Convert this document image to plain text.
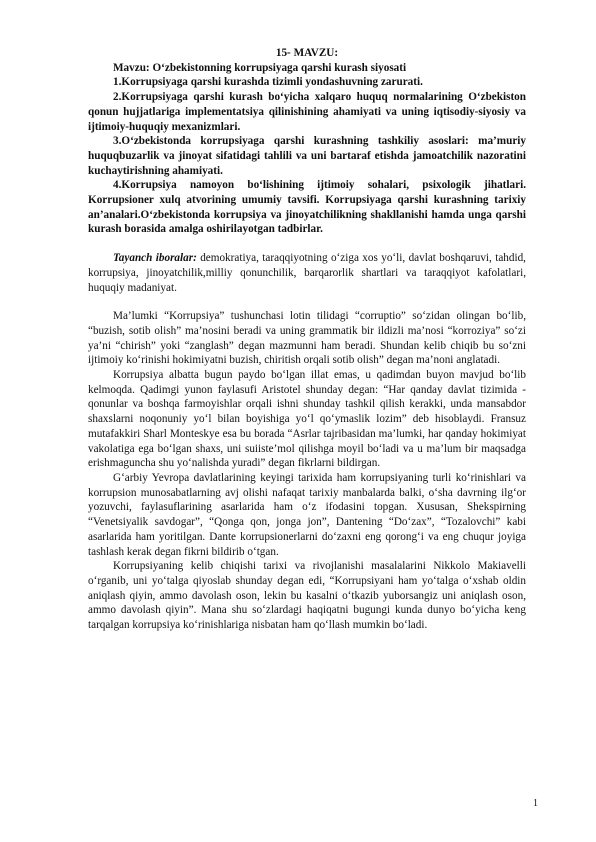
15- MAVZU:

Mavzu: O‘zbekistonning korrupsiyaga qarshi kurash siyosati

1.Korrupsiyaga qarshi kurashda tizimli yondashuvning zarurati.

2.Korrupsiyaga qarshi kurash bo‘yicha xalqaro huquq normalarining O‘zbekiston qonun hujjatlariga implementatsiya qilinishining ahamiyati va uning iqtisodiy-siyosiy va ijtimoiy-huquqiy mexanizmlari.

3.O‘zbekistonda korrupsiyaga qarshi kurashning tashkiliy asoslari: ma’muriy huquqbuzarlik va jinoyat sifatidagi tahlili va uni bartaraf etishda jamoatchilik nazoratini kuchaytirishning ahamiyati.

4.Korrupsiya namoyon bo‘lishining ijtimoiy sohalari, psixologik jihatlari. Korrupsioner xulq atvorining umumiy tavsifi. Korrupsiyaga qarshi kurashning tarixiy an’analari.O‘zbekistonda korrupsiya va jinoyatchilikning shakllanishi hamda unga qarshi kurash borasida amalga oshirilayotgan tadbirlar.

Tayanch iboralar: demokratiya, taraqqiyotning o‘ziga xos yo‘li, davlat boshqaruvi, tahdid, korrupsiya, jinoyatchilik,milliy qonunchilik, barqarorlik shartlari va taraqqiyot kafolatlari, huquqiy madaniyat.

Ma’lumki “Korrupsiya” tushunchasi lotin tilidagi “corruptio” so‘zidan olingan bo‘lib, “buzish, sotib olish” ma’nosini beradi va uning grammatik bir ildizli ma’nosi “korroziya” so‘zi ya’ni “chirish” yoki “zanglash” degan mazmunni ham beradi. Shundan kelib chiqib bu so‘zni ijtimoiy ko‘rinishi hokimiyatni buzish, chiritish orqali sotib olish” degan ma’noni anglatadi.

Korrupsiya albatta bugun paydo bo‘lgan illat emas, u qadimdan buyon mavjud bo‘lib kelmoqda. Qadimgi yunon faylasufi Aristotel shunday degan: “Har qanday davlat tizimida - qonunlar va boshqa farmoyishlar orqali ishni shunday tashkil qilish kerakki, unda mansabdor shaxslarni noqonuniy yo‘l bilan boyishiga yo‘l qo‘ymaslik lozim” deb hisoblaydi. Fransuz mutafakkiri Sharl Monteskye esa bu borada “Asrlar tajribasidan ma’lumki, har qanday hokimiyat vakolatiga ega bo‘lgan shaxs, uni suiiste’mol qilishga moyil bo‘ladi va u ma’lum bir maqsadga erishmaguncha shu yo‘nalishda yuradi” degan fikrlarni bildirgan.

G‘arbiy Yevropa davlatlarining keyingi tarixida ham korrupsiyaning turli ko‘rinishlari va korrupsion munosabatlarning avj olishi nafaqat tarixiy manbalarda balki, o‘sha davrning ilg‘or yozuvchi, faylasuflarining asarlarida ham o‘z ifodasini topgan. Xususan, Shekspirning “Venetsiyalik savdogar”, “Qonga qon, jonga jon”, Dantening “Do‘zax”, “Tozalovchi” kabi asarlarida ham yoritilgan. Dante korrupsionerlarni do‘zaxni eng qorong‘i va eng chuqur joyiga tashlash kerak degan fikrni bildirib o‘tgan.

Korrupsiyaning kelib chiqishi tarixi va rivojlanishi masalalarini Nikkolo Makiavelli o‘rganib, uni yo‘talga qiyoslab shunday degan edi, “Korrupsiyani ham yo‘talga o‘xshab oldin aniqlash qiyin, ammo davolash oson, lekin bu kasalni o‘tkazib yuborsangiz uni aniqlash oson, ammo davolash qiyin”. Mana shu so‘zlardagi haqiqatni bugungi kunda dunyo bo‘yicha keng tarqalgan korrupsiya ko‘rinishlariga nisbatan ham qo‘llash mumkin bo‘ladi.

1
